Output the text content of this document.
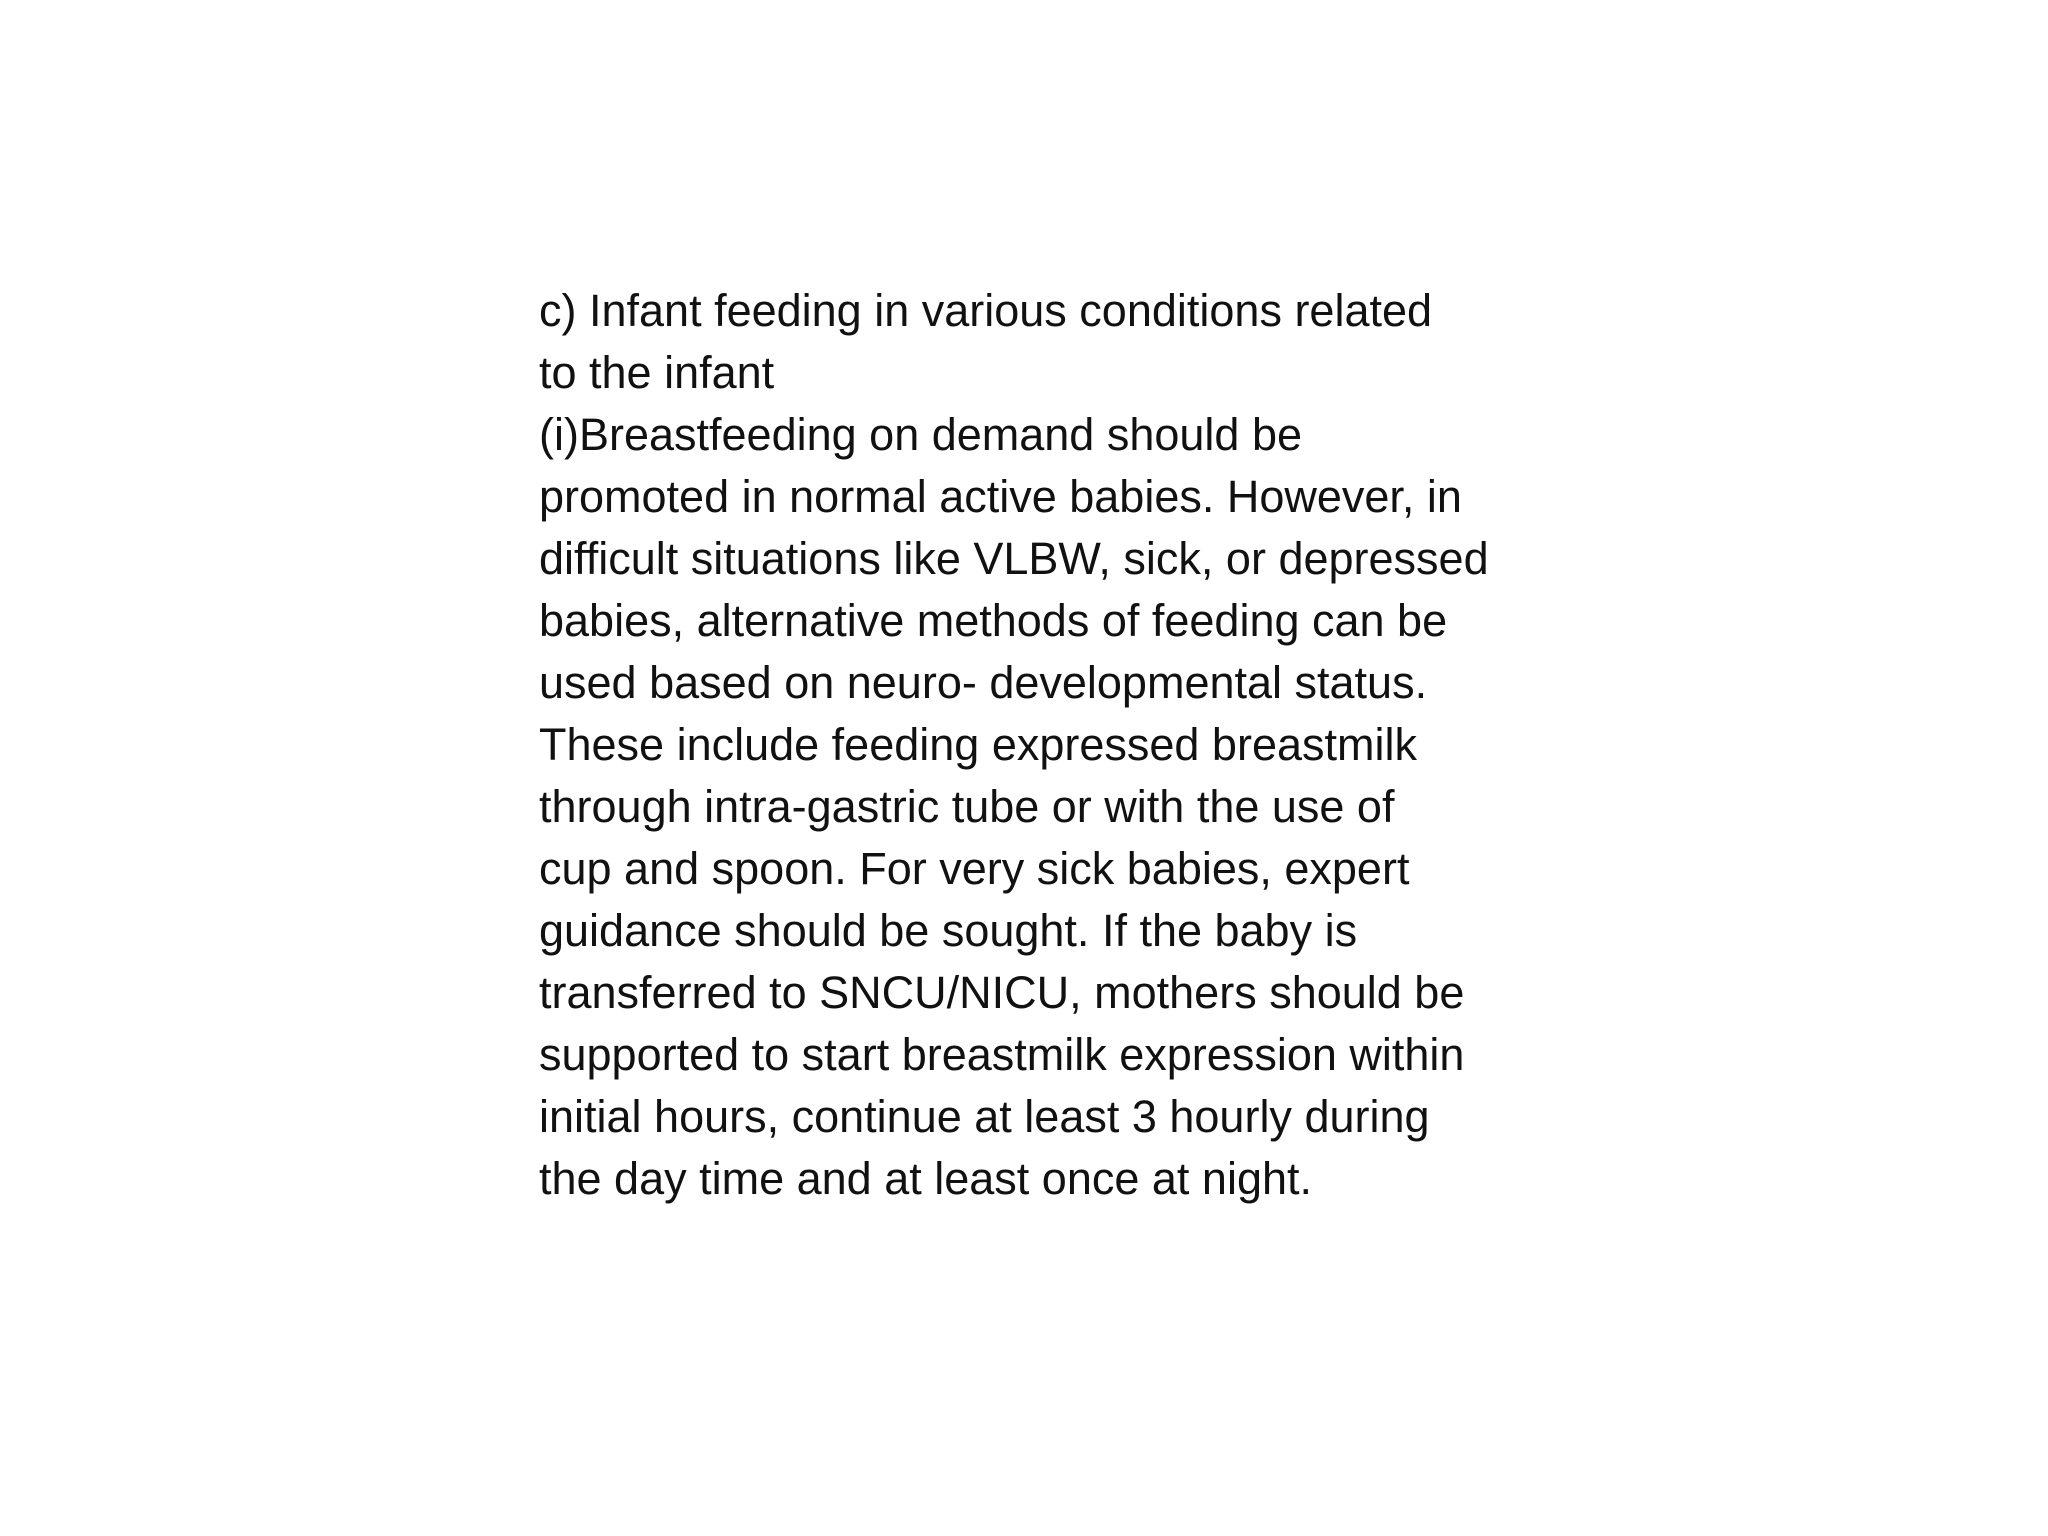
c) Infant feeding in various conditions related
to the infant
(i)Breastfeeding on demand should be
promoted in normal active babies. However, in
difficult situations like VLBW, sick, or depressed
babies, alternative methods of feeding can be
used based on neuro- developmental status.
These include feeding expressed breastmilk
through intra-gastric tube or with the use of
cup and spoon. For very sick babies, expert
guidance should be sought. If the baby is
transferred to SNCU/NICU, mothers should be
supported to start breastmilk expression within
initial hours, continue at least 3 hourly during
the day time and at least once at night.
